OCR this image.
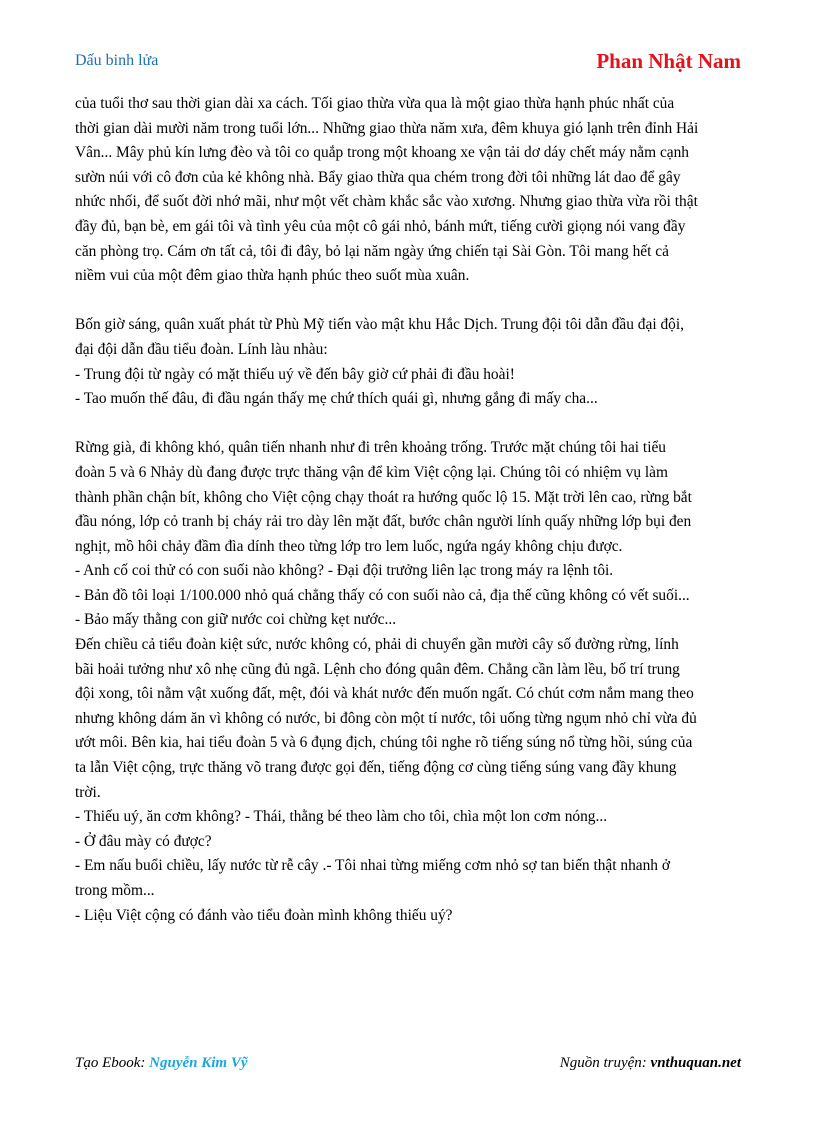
Dấu binh lửa	Phan Nhật Nam
của tuổi thơ sau thời gian dài xa cách. Tối giao thừa vừa qua là một giao thừa hạnh phúc nhất của
thời gian dài mười năm trong tuổi lớn... Những giao thừa năm xưa, đêm khuya gió lạnh trên đỉnh Hải
Vân... Mây phủ kín lưng đèo và tôi co quắp trong một khoang xe vận tải dơ dáy chết máy nằm cạnh
sườn núi với cô đơn của kẻ không nhà. Bẩy giao thừa qua chém trong đời tôi những lát dao để gây
nhức nhối, để suốt đời nhớ mãi, như một vết chàm khắc sắc vào xương. Nhưng giao thừa vừa rồi thật
đầy đủ, bạn bè, em gái tôi và tình yêu của một cô gái nhỏ, bánh mứt, tiếng cười giọng nói vang đầy
căn phòng trọ. Cám ơn tất cả, tôi đi đây, bỏ lại năm ngày ứng chiến tại Sài Gòn. Tôi mang hết cả
niềm vui của một đêm giao thừa hạnh phúc theo suốt mùa xuân.
Bốn giờ sáng, quân xuất phát từ Phù Mỹ tiến vào mật khu Hắc Dịch. Trung đội tôi dẫn đầu đại đội,
đại đội dẫn đầu tiểu đoàn. Lính làu nhàu:
- Trung đội từ ngày có mặt thiếu uý về đến bây giờ cứ phải đi đầu hoài!
- Tao muốn thế đâu, đi đầu ngán thấy mẹ chứ thích quái gì, nhưng gắng đi mấy cha...
Rừng già, đi không khó, quân tiến nhanh như đi trên khoảng trống. Trước mặt chúng tôi hai tiểu
đoàn 5 và 6 Nhảy dù đang được trực thăng vận để kìm Việt cộng lại. Chúng tôi có nhiệm vụ làm
thành phần chận bít, không cho Việt cộng chạy thoát ra hướng quốc lộ 15. Mặt trời lên cao, rừng bắt
đầu nóng, lớp cỏ tranh bị cháy rải tro dày lên mặt đất, bước chân người lính quấy những lớp bụi đen
nghịt, mồ hôi chảy đầm đìa dính theo từng lớp tro lem luốc, ngứa ngáy không chịu được.
- Anh cố coi thử có con suối nào không? - Đại đội trưởng liên lạc trong máy ra lệnh tôi.
- Bản đồ tôi loại 1/100.000 nhỏ quá chẳng thấy có con suối nào cả, địa thế cũng không có vết suối...
- Bảo mấy thằng con giữ nước coi chừng kẹt nước...
Đến chiều cả tiểu đoàn kiệt sức, nước không có, phải di chuyển gần mười cây số đường rừng, lính
bãi hoải tưởng như xô nhẹ cũng đủ ngã. Lệnh cho đóng quân đêm. Chẳng cần làm lều, bố trí trung
đội xong, tôi nằm vật xuống đất, mệt, đói và khát nước đến muốn ngất. Có chút cơm nắm mang theo
nhưng không dám ăn vì không có nước, bi đông còn một tí nước, tôi uống từng ngụm nhỏ chỉ vừa đủ
ướt môi. Bên kia, hai tiểu đoàn 5 và 6 đụng địch, chúng tôi nghe rõ tiếng súng nổ từng hồi, súng của
ta lẫn Việt cộng, trực thăng võ trang được gọi đến, tiếng động cơ cùng tiếng súng vang đầy khung
trời.
- Thiếu uý, ăn cơm không? - Thái, thằng bé theo làm cho tôi, chìa một lon cơm nóng...
- Ở đâu mày có được?
- Em nấu buổi chiều, lấy nước từ rễ cây .- Tôi nhai từng miếng cơm nhỏ sợ tan biến thật nhanh ở
trong mồm...
- Liệu Việt cộng có đánh vào tiểu đoàn mình không thiếu uý?
Tạo Ebook: Nguyễn Kim Vỹ	Nguồn truyện: vnthuquan.net
